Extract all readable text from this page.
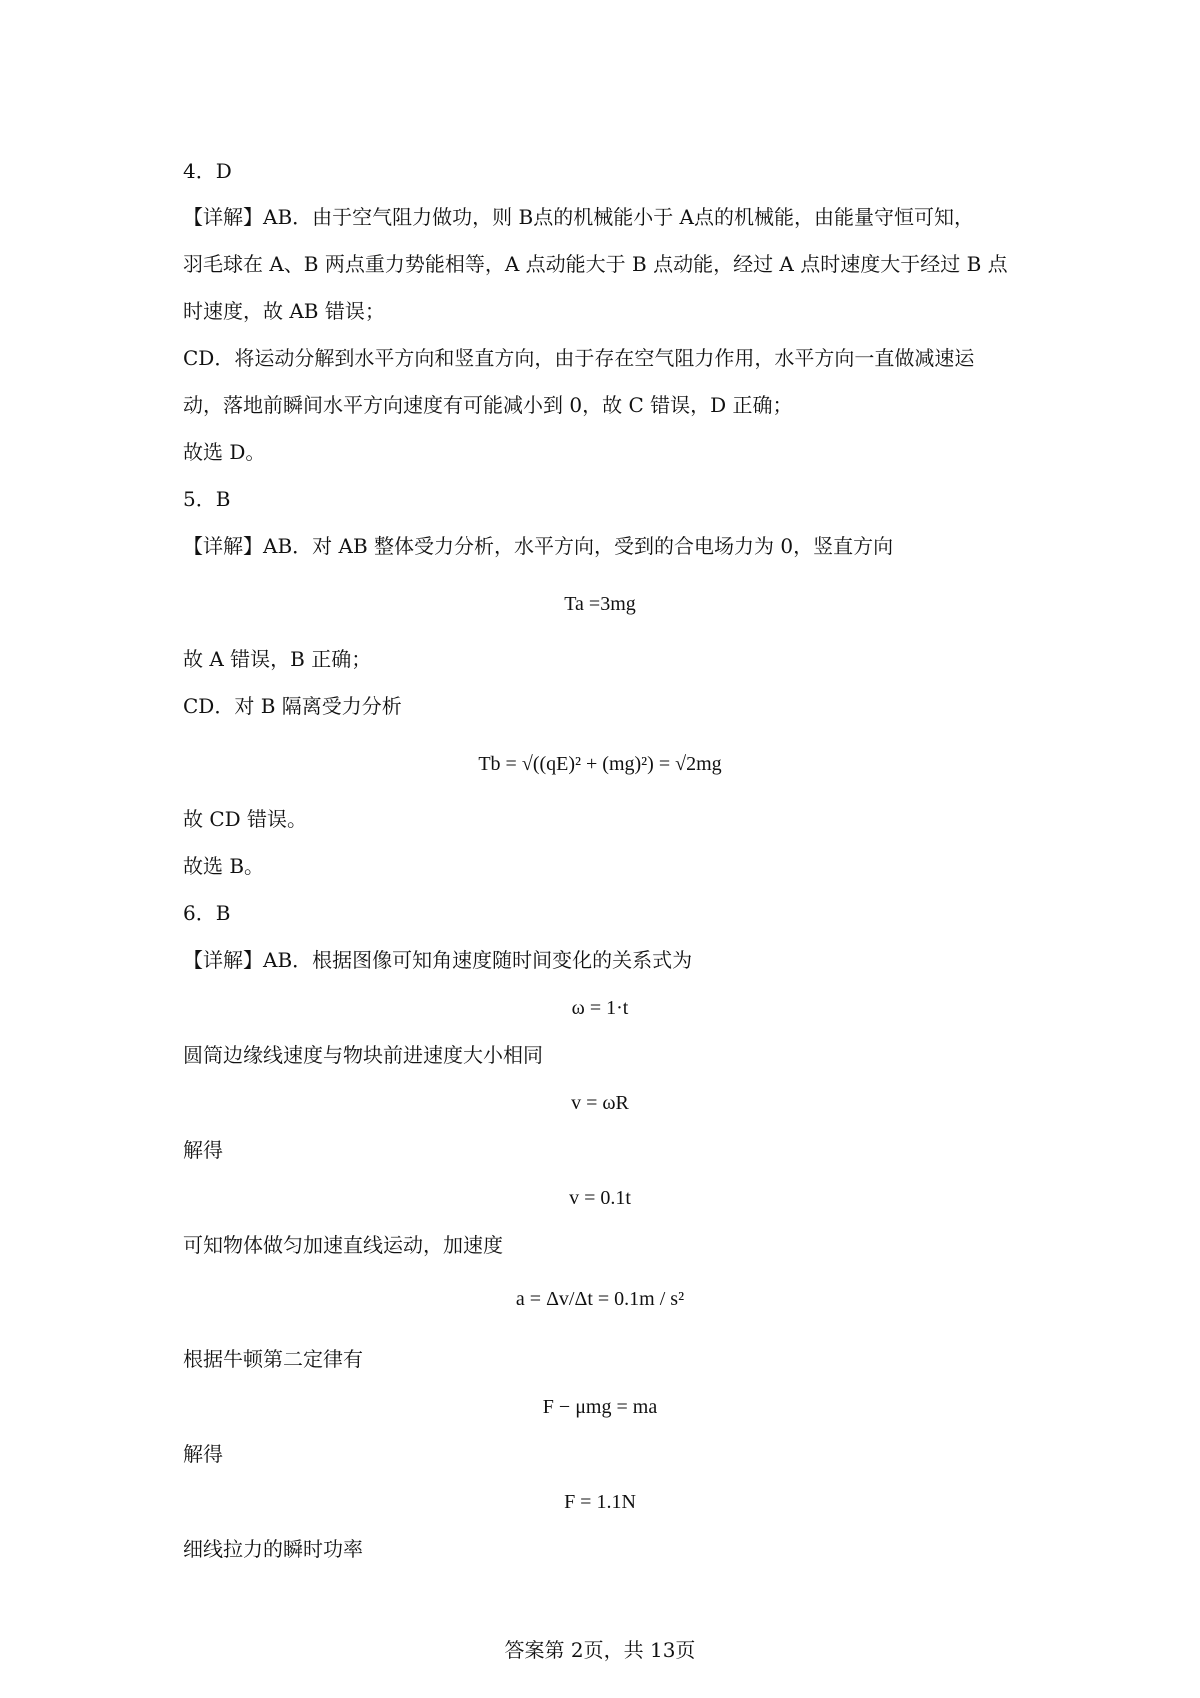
4．D
【详解】AB．由于空气阻力做功，则 B点的机械能小于 A点的机械能，由能量守恒可知，
羽毛球在 A、B 两点重力势能相等，A 点动能大于 B 点动能，经过 A 点时速度大于经过 B 点
时速度，故 AB 错误；
CD．将运动分解到水平方向和竖直方向，由于存在空气阻力作用，水平方向一直做减速运
动，落地前瞬间水平方向速度有可能减小到 0，故 C 错误，D 正确；
故选 D。
5．B
【详解】AB．对 AB 整体受力分析，水平方向，受到的合电场力为 0，竖直方向
Ta =3mg
故 A 错误，B 正确；
CD．对 B 隔离受力分析
Tb = √((qE)² + (mg)²) = √2mg
故 CD 错误。
故选 B。
6．B
【详解】AB．根据图像可知角速度随时间变化的关系式为
ω = 1·t
圆筒边缘线速度与物块前进速度大小相同
v = ωR
解得
v = 0.1t
可知物体做匀加速直线运动，加速度
a = Δv/Δt = 0.1m / s²
根据牛顿第二定律有
F − μmg = ma
解得
F = 1.1N
细线拉力的瞬时功率
答案第 2页，共 13页
